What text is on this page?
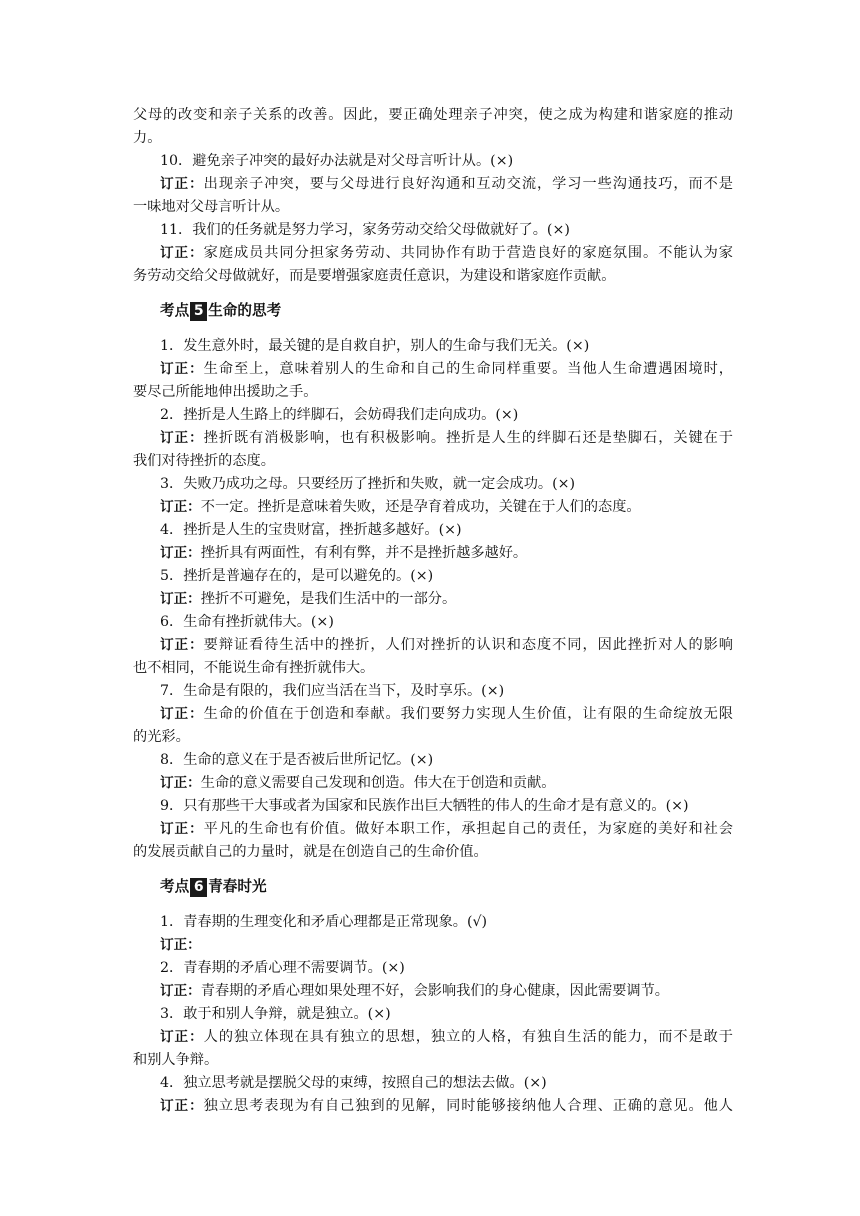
父母的改变和亲子关系的改善。因此，要正确处理亲子冲突，使之成为构建和谐家庭的推动
力。
10．避免亲子冲突的最好办法就是对父母言听计从。(×)
订正：出现亲子冲突，要与父母进行良好沟通和互动交流，学习一些沟通技巧，而不是
一味地对父母言听计从。
11．我们的任务就是努力学习，家务劳动交给父母做就好了。(×)
订正：家庭成员共同分担家务劳动、共同协作有助于营造良好的家庭氛围。不能认为家
务劳动交给父母做就好，而是要增强家庭责任意识，为建设和谐家庭作贡献。
考点 5 生命的思考
1．发生意外时，最关键的是自救自护，别人的生命与我们无关。(×)
订正：生命至上，意味着别人的生命和自己的生命同样重要。当他人生命遭遇困境时，
要尽己所能地伸出援助之手。
2．挫折是人生路上的绊脚石，会妨碍我们走向成功。(×)
订正：挫折既有消极影响，也有积极影响。挫折是人生的绊脚石还是垫脚石，关键在于
我们对待挫折的态度。
3．失败乃成功之母。只要经历了挫折和失败，就一定会成功。(×)
订正：不一定。挫折是意味着失败，还是孕育着成功，关键在于人们的态度。
4．挫折是人生的宝贵财富，挫折越多越好。(×)
订正：挫折具有两面性，有利有弊，并不是挫折越多越好。
5．挫折是普遍存在的，是可以避免的。(×)
订正：挫折不可避免，是我们生活中的一部分。
6．生命有挫折就伟大。(×)
订正：要辩证看待生活中的挫折，人们对挫折的认识和态度不同，因此挫折对人的影响
也不相同，不能说生命有挫折就伟大。
7．生命是有限的，我们应当活在当下，及时享乐。(×)
订正：生命的价值在于创造和奉献。我们要努力实现人生价值，让有限的生命绽放无限
的光彩。
8．生命的意义在于是否被后世所记忆。(×)
订正：生命的意义需要自己发现和创造。伟大在于创造和贡献。
9．只有那些干大事或者为国家和民族作出巨大牺牲的伟人的生命才是有意义的。(×)
订正：平凡的生命也有价值。做好本职工作，承担起自己的责任，为家庭的美好和社会
的发展贡献自己的力量时，就是在创造自己的生命价值。
考点 6 青春时光
1．青春期的生理变化和矛盾心理都是正常现象。(√)
订正：
2．青春期的矛盾心理不需要调节。(×)
订正：青春期的矛盾心理如果处理不好，会影响我们的身心健康，因此需要调节。
3．敢于和别人争辩，就是独立。(×)
订正：人的独立体现在具有独立的思想，独立的人格，有独自生活的能力，而不是敢于
和别人争辩。
4．独立思考就是摆脱父母的束缚，按照自己的想法去做。(×)
订正：独立思考表现为有自己独到的见解，同时能够接纳他人合理、正确的意见。他人
